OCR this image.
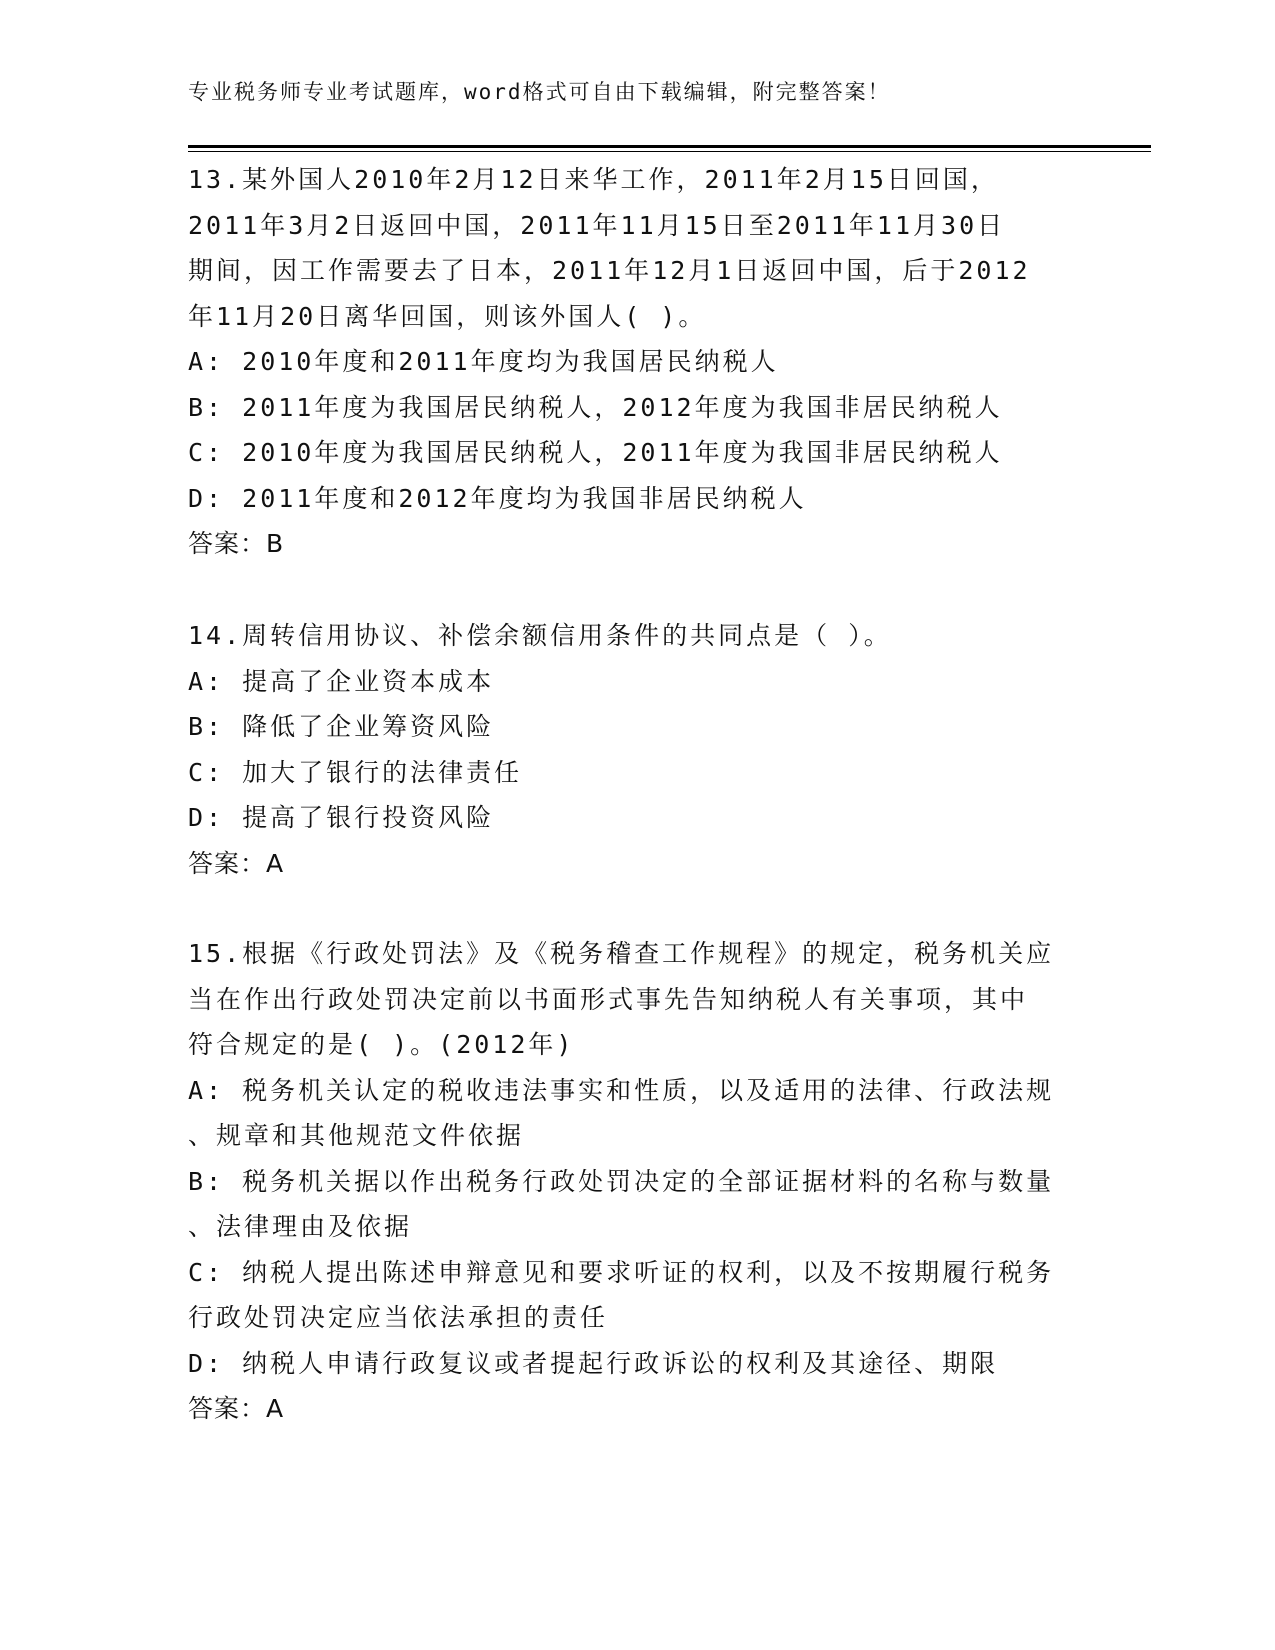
专业税务师专业考试题库，word格式可自由下载编辑，附完整答案！
13.某外国人2010年2月12日来华工作，2011年2月15日回国，
2011年3月2日返回中国，2011年11月15日至2011年11月30日
期间，因工作需要去了日本，2011年12月1日返回中国，后于2012
年11月20日离华回国，则该外国人( )。
A: 2010年度和2011年度均为我国居民纳税人
B: 2011年度为我国居民纳税人，2012年度为我国非居民纳税人
C: 2010年度为我国居民纳税人，2011年度为我国非居民纳税人
D: 2011年度和2012年度均为我国非居民纳税人
答案：B
14.周转信用协议、补偿余额信用条件的共同点是（ ）。
A: 提高了企业资本成本
B: 降低了企业筹资风险
C: 加大了银行的法律责任
D: 提高了银行投资风险
答案：A
15.根据《行政处罚法》及《税务稽查工作规程》的规定，税务机关应
当在作出行政处罚决定前以书面形式事先告知纳税人有关事项，其中
符合规定的是( )。(2012年)
A: 税务机关认定的税收违法事实和性质，以及适用的法律、行政法规
、规章和其他规范文件依据
B: 税务机关据以作出税务行政处罚决定的全部证据材料的名称与数量
、法律理由及依据
C: 纳税人提出陈述申辩意见和要求听证的权利，以及不按期履行税务
行政处罚决定应当依法承担的责任
D: 纳税人申请行政复议或者提起行政诉讼的权利及其途径、期限
答案：A
